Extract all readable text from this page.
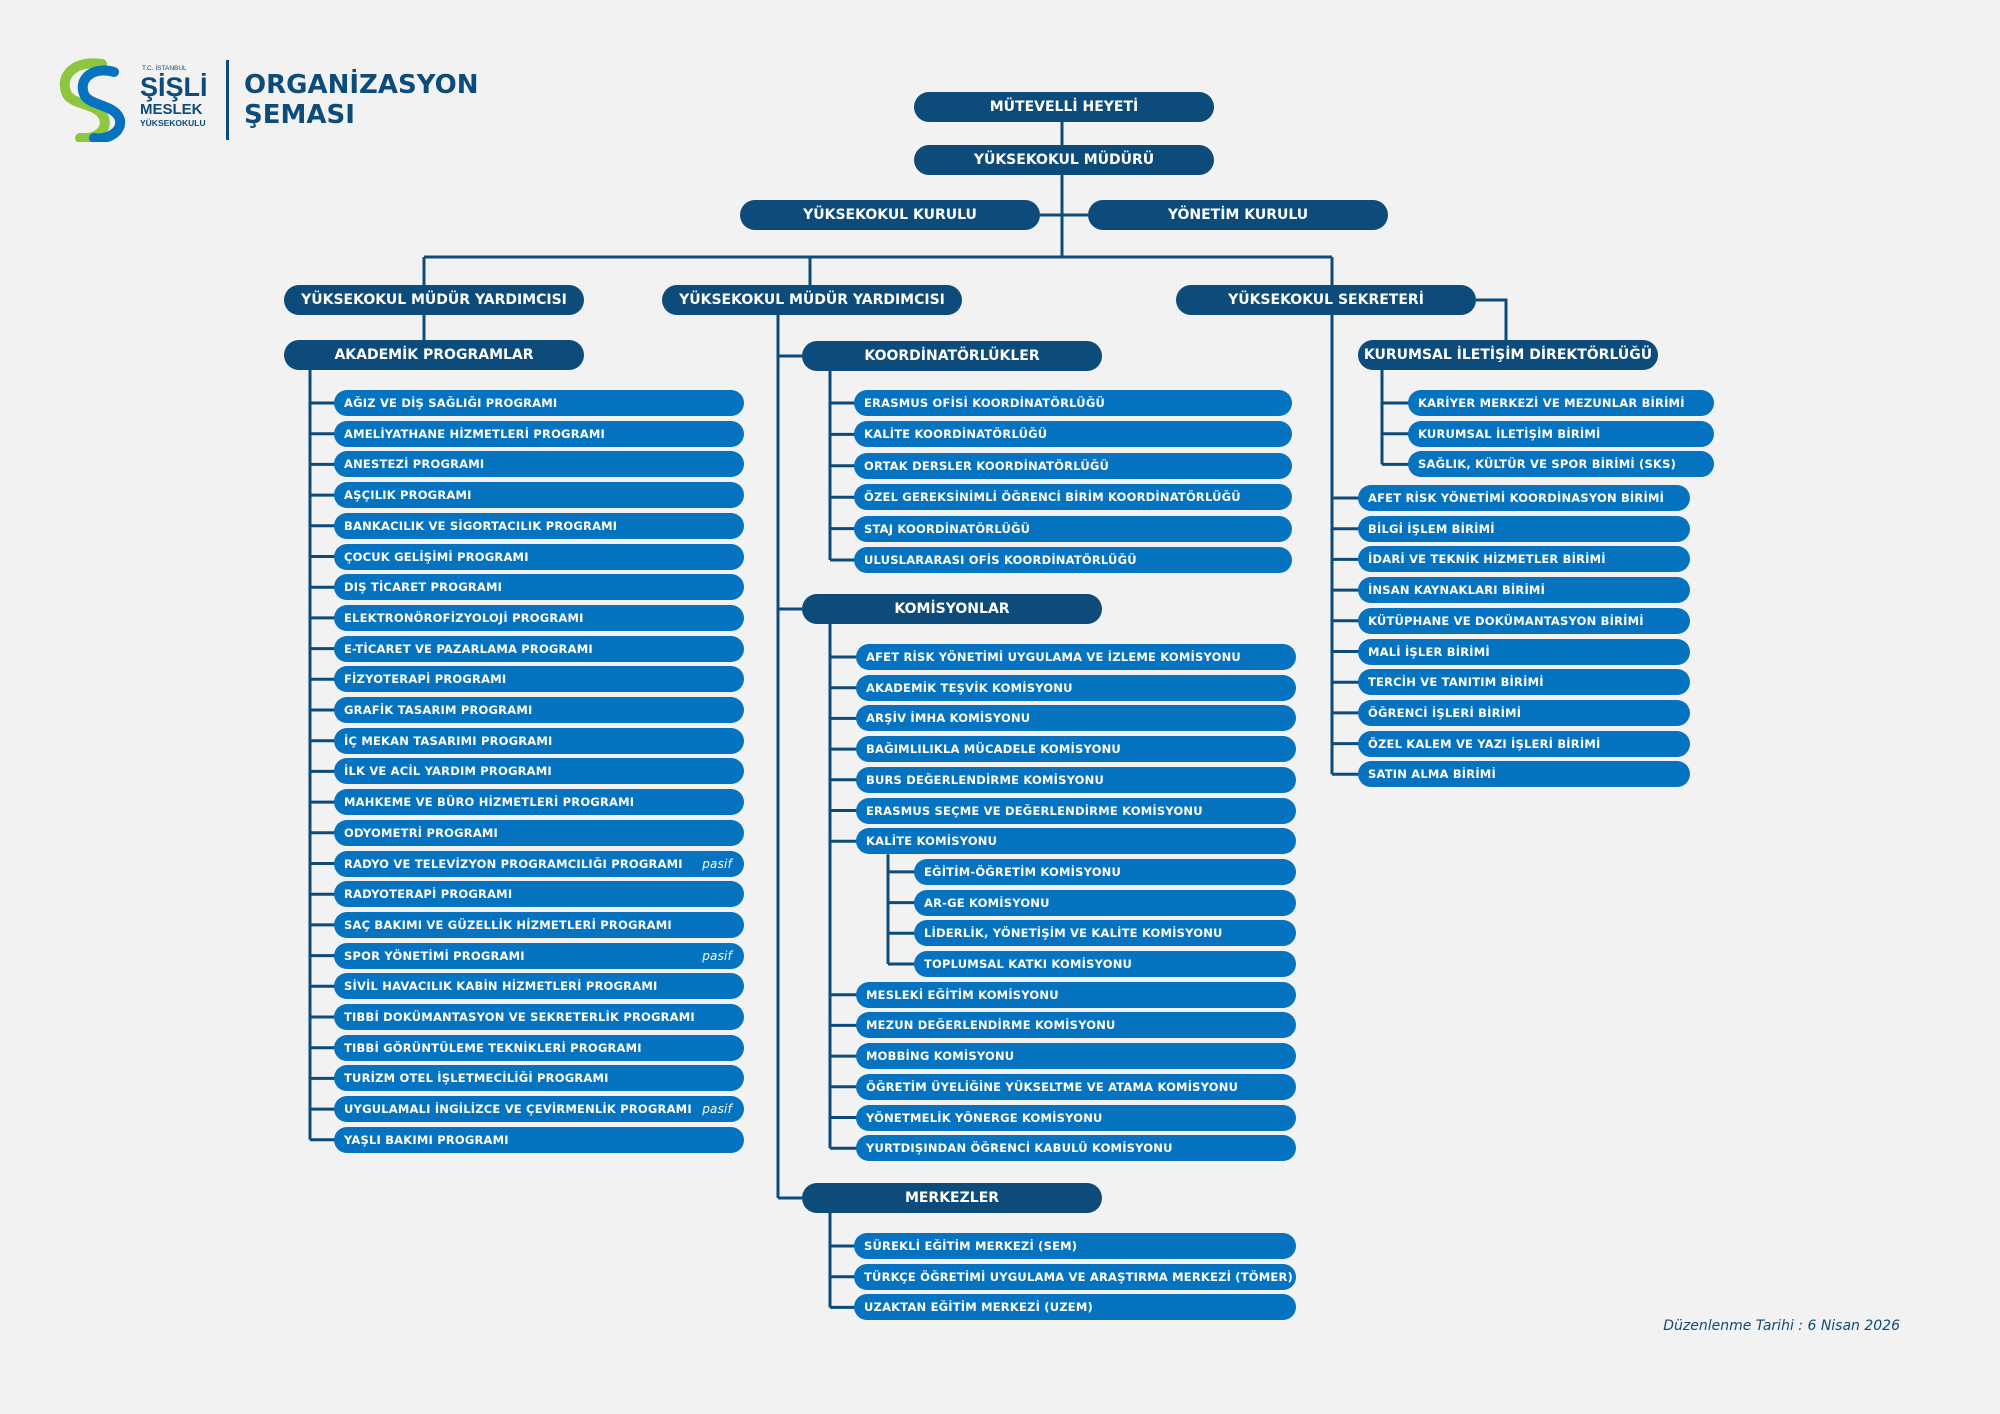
T.C. İSTANBUL
ŞİŞLİ
MESLEK
YÜKSEKOKULU
ORGANİZASYON
ŞEMASI	MÜTEVELLİ HEYETİ
YÜKSEKOKUL MÜDÜRÜ
YÜKSEKOKUL KURULU	YÖNETİM KURULU
YÜKSEKOKUL MÜDÜR YARDIMCISI	YÜKSEKOKUL MÜDÜR YARDIMCISI	YÜKSEKOKUL SEKRETERİ
AKADEMİK PROGRAMLAR
AĞIZ VE DİŞ SAĞLIĞI PROGRAMI
AMELİYATHANE HİZMETLERİ PROGRAMI
ANESTEZİ PROGRAMI
AŞÇILIK PROGRAMI
BANKACILIK VE SİGORTACILIK PROGRAMI
ÇOCUK GELİŞİMİ PROGRAMI
DIŞ TİCARET PROGRAMI
ELEKTRONÖROFİZYOLOJİ PROGRAMI
E-TİCARET VE PAZARLAMA PROGRAMI
FİZYOTERAPİ PROGRAMI
GRAFİK TASARIM PROGRAMI
İÇ MEKAN TASARIMI PROGRAMI
İLK VE ACİL YARDIM PROGRAMI
MAHKEME VE BÜRO HİZMETLERİ PROGRAMI
ODYOMETRİ PROGRAMI
RADYO VE TELEVİZYON PROGRAMCILIĞI PROGRAMI pasif
RADYOTERAPİ PROGRAMI
SAÇ BAKIMI VE GÜZELLİK HİZMETLERİ PROGRAMI
SPOR YÖNETİMİ PROGRAMI	pasif
SİVİL HAVACILIK KABİN HİZMETLERİ PROGRAMI
TIBBİ DOKÜMANTASYON VE SEKRETERLİK PROGRAMI
TIBBİ GÖRÜNTÜLEME TEKNİKLERİ PROGRAMI
TURİZM OTEL İŞLETMECİLİĞİ PROGRAMI
UYGULAMALI İNGİLİZCE VE ÇEVİRMENLİK PROGRAMI pasif
YAŞLI BAKIMI PROGRAMI
KOORDİNATÖRLÜKLER
ERASMUS OFİSİ KOORDİNATÖRLÜĞÜ
KALİTE KOORDİNATÖRLÜĞÜ
ORTAK DERSLER KOORDİNATÖRLÜĞÜ
ÖZEL GEREKSİNİMLİ ÖĞRENCİ BİRİM KOORDİNATÖRLÜĞÜ
STAJ KOORDİNATÖRLÜĞÜ
ULUSLARARASI OFİS KOORDİNATÖRLÜĞÜ
KOMİSYONLAR
AFET RİSK YÖNETİMİ UYGULAMA VE İZLEME KOMİSYONU
AKADEMİK TEŞVİK KOMİSYONU
ARŞİV İMHA KOMİSYONU
BAĞIMLILIKLA MÜCADELE KOMİSYONU
BURS DEĞERLENDİRME KOMİSYONU
ERASMUS SEÇME VE DEĞERLENDİRME KOMİSYONU
KALİTE KOMİSYONU
MESLEKİ EĞİTİM KOMİSYONU
MEZUN DEĞERLENDİRME KOMİSYONU
MOBBİNG KOMİSYONU
ÖĞRETİM ÜYELİĞİNE YÜKSELTME VE ATAMA KOMİSYONU
YÖNETMELİK YÖNERGE KOMİSYONU
YURTDIŞINDAN ÖĞRENCİ KABULÜ KOMİSYONU
EĞİTİM-ÖĞRETİM KOMİSYONU
AR-GE KOMİSYONU
LİDERLİK, YÖNETİŞİM VE KALİTE KOMİSYONU
TOPLUMSAL KATKI KOMİSYONU
MERKEZLER
SÜREKLİ EĞİTİM MERKEZİ (SEM)
TÜRKÇE ÖĞRETİMİ UYGULAMA VE ARAŞTIRMA MERKEZİ (TÖMER)
UZAKTAN EĞİTİM MERKEZİ (UZEM)
KURUMSAL İLETİŞİM DİREKTÖRLÜĞÜ
KARİYER MERKEZİ VE MEZUNLAR BİRİMİ
KURUMSAL İLETİŞİM BİRİMİ
SAĞLIK, KÜLTÜR VE SPOR BİRİMİ (SKS)
AFET RİSK YÖNETİMİ KOORDİNASYON BİRİMİ
BİLGİ İŞLEM BİRİMİ
İDARİ VE TEKNİK HİZMETLER BİRİMİ
İNSAN KAYNAKLARI BİRİMİ
KÜTÜPHANE VE DOKÜMANTASYON BİRİMİ
MALİ İŞLER BİRİMİ
TERCİH VE TANITIM BİRİMİ
ÖĞRENCİ İŞLERİ BİRİMİ
ÖZEL KALEM VE YAZI İŞLERİ BİRİMİ
SATIN ALMA BİRİMİ
Düzenlenme Tarihi : 6 Nisan 2026
